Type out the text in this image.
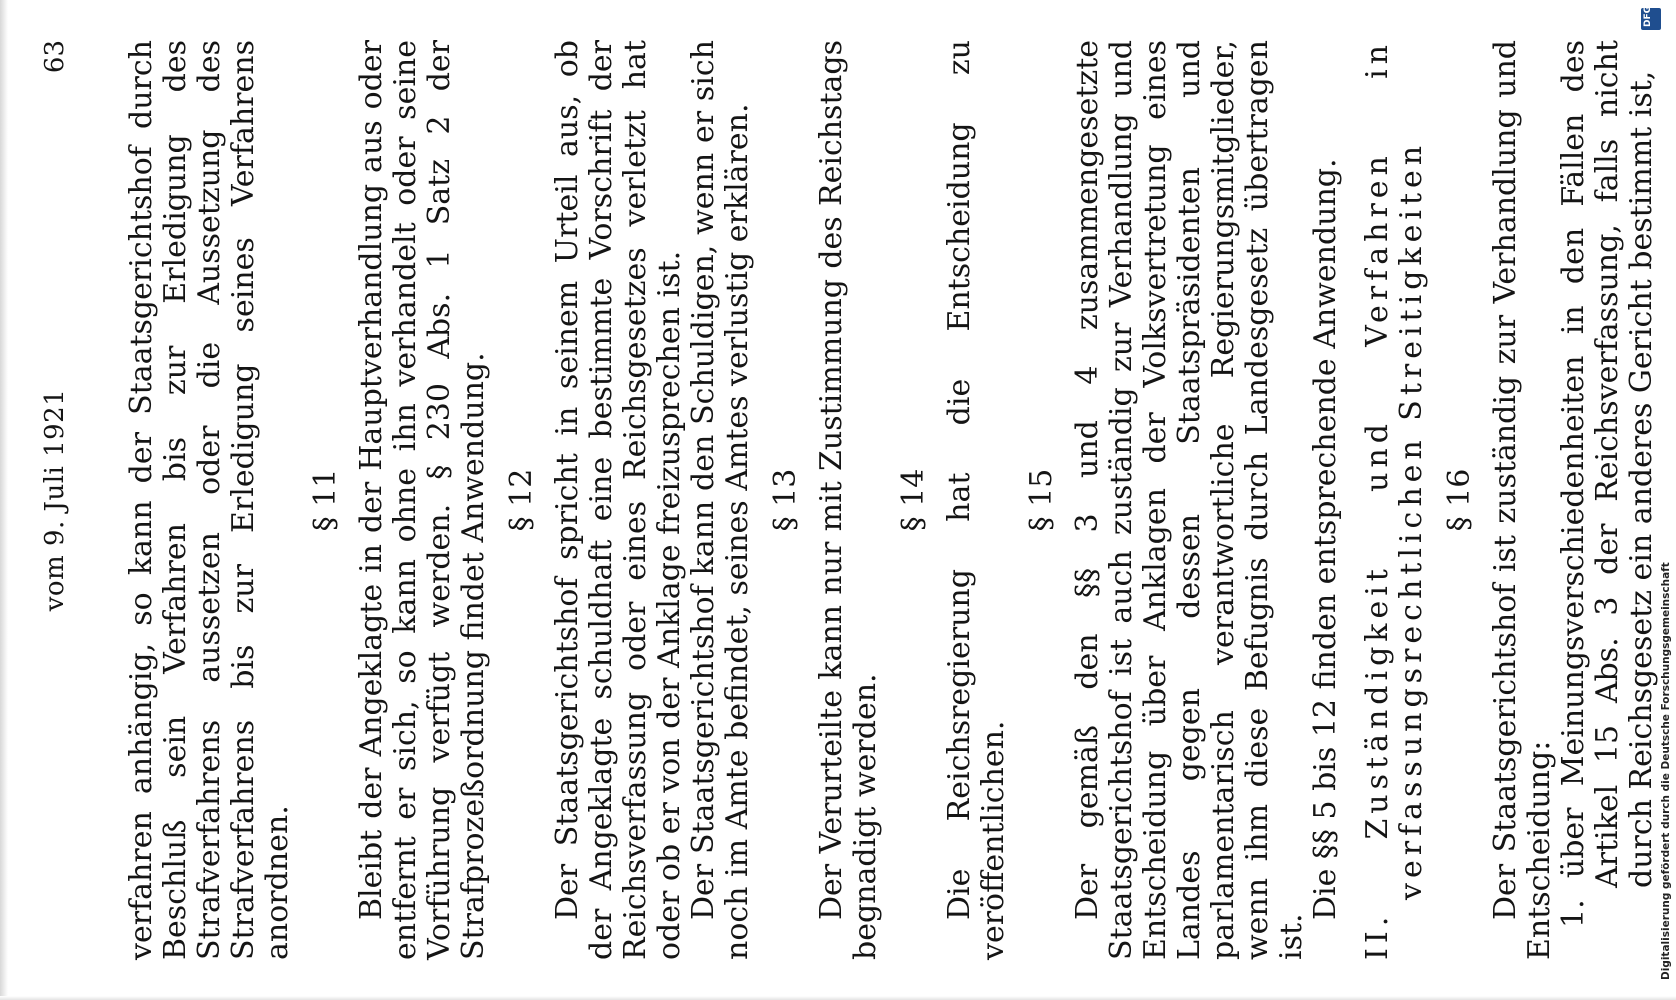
vom 9. Juli 1921
63 verfahren anhängig, so kann der Staatsgerichtshof durch Beschluß sein Verfahren bis zur Erledigung des Strafverfahrens aussetzen oder die Aussetzung des Strafverfahrens bis zur Erledigung seines Verfahrens anordnen.

§ 11 Bleibt der Angeklagte in der Hauptverhandlung aus oder entfernt er sich, so kann ohne ihn verhandelt oder seine Vorführung verfügt werden. § 230 Abs. 1 Satz 2 der Strafprozeßordnung findet Anwendung. § 12 Der Staatsgerichtshof spricht in seinem Urteil aus, ob der Angeklagte schuldhaft eine bestimmte Vorschrift der Reichsverfassung oder eines Reichsgesetzes verletzt hat oder ob er von der Anklage freizusprechen ist. Der Staatsgerichtshof kann den Schuldigen, wenn er sich noch im Amte befindet, seines Amtes verlustig erklären. § 13 Der Verurteilte kann nur mit Zustimmung des Reichstags begnadigt werden.

§ 14 Die Reichsregierung hat die Entscheidung zu veröffentlichen.

§ 15 Der gemäß den §§ 3 und 4 zusammengesetzte Staatsgerichtshof ist auch zuständig zur Verhandlung und Entscheidung über Anklagen der Volksvertretung eines Landes gegen dessen Staatspräsidenten und parlamentarisch verantwortliche Regierungsmitglieder, wenn ihm diese Befugnis durch Landesgesetz übertragen ist.

Die §§ 5 bis 12 finden entsprechende Anwendung. II. Zuständigkeit und Verfahren in verfassungsrechtlichen Streitigkeiten § 16 Der Staatsgerichtshof ist zuständig zur Verhandlung und Entscheidung: 1. über Meinungsverschiedenheiten in den Fällen des Artikel 15 Abs. 3 der Reichsverfassung, falls nicht durch Reichsgesetz ein anderes Gericht bestimmt ist, Digitalisierung gefördert durch die Deutsche Forschungsgemeinschaft
DFG
